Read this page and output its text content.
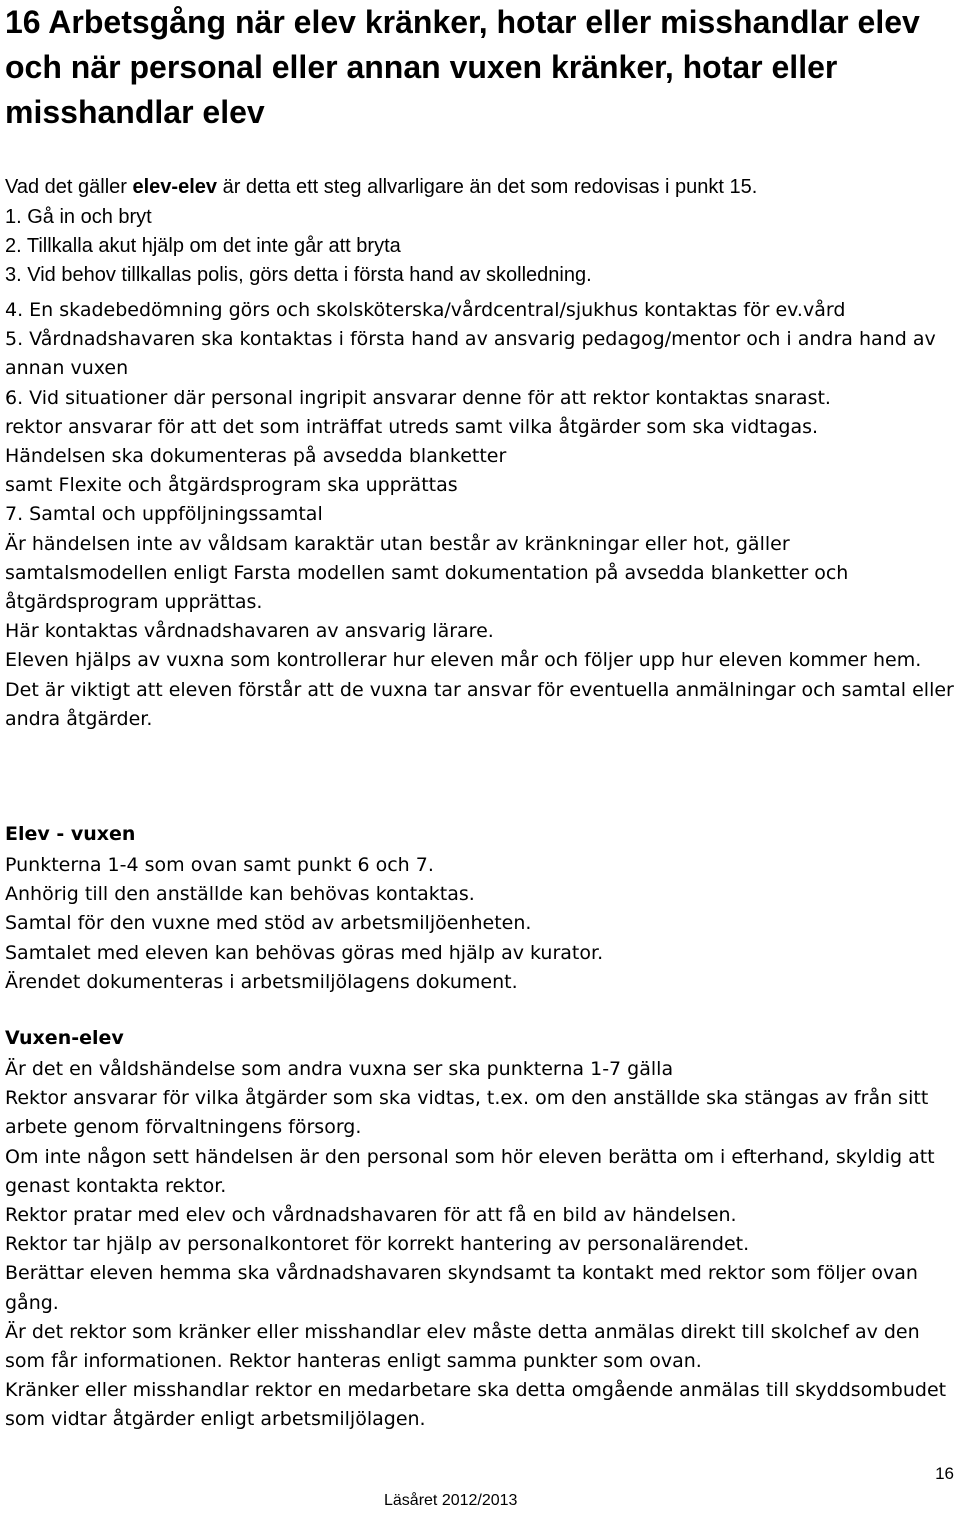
16 Arbetsgång när elev kränker, hotar eller misshandlar elev och när personal eller annan vuxen kränker, hotar eller misshandlar elev

Vad det gäller elev-elev är detta ett steg allvarligare än det som redovisas i punkt 15.

1. Gå in och bryt
2. Tillkalla akut hjälp om det inte går att bryta
3. Vid behov tillkallas polis, görs detta i första hand av skolledning.
4. En skadebedömning görs och skolsköterska/vårdcentral/sjukhus kontaktas för ev.vård
5. Vårdnadshavaren ska kontaktas i första hand av ansvarig pedagog/mentor och i andra hand av annan vuxen
6. Vid situationer där personal ingripit ansvarar denne för att rektor kontaktas snarast.
rektor ansvarar för att det som inträffat utreds samt vilka åtgärder som ska vidtagas.
Händelsen ska dokumenteras på avsedda blanketter
samt Flexite och åtgärdsprogram ska upprättas
7. Samtal och uppföljningssamtal
Är händelsen inte av våldsam karaktär utan består av kränkningar eller hot, gäller samtalsmodellen enligt Farsta modellen samt dokumentation på avsedda blanketter och åtgärdsprogram upprättas.
Här kontaktas vårdnadshavaren av ansvarig lärare.
Eleven hjälps av vuxna som kontrollerar hur eleven mår och följer upp hur eleven kommer hem.
Det är viktigt att eleven förstår att de vuxna tar ansvar för eventuella anmälningar och samtal eller andra åtgärder.
Elev - vuxen
Punkterna 1-4 som ovan samt punkt 6 och 7.
Anhörig till den anställde kan behövas kontaktas.
Samtal för den vuxne med stöd av arbetsmiljöenheten.
Samtalet med eleven kan behövas göras med hjälp av kurator.
Ärendet dokumenteras i arbetsmiljölagens dokument.
Vuxen-elev
Är det en våldshändelse som andra vuxna ser ska punkterna 1-7 gälla
Rektor ansvarar för vilka åtgärder som ska vidtas, t.ex. om den anställde ska stängas av från sitt arbete genom förvaltningens försorg.
Om inte någon sett händelsen är den personal som hör eleven berätta om i efterhand, skyldig att genast kontakta rektor.
Rektor pratar med elev och vårdnadshavaren för att få en bild av händelsen.
Rektor tar hjälp av personalkontoret för korrekt hantering av personalärendet.
Berättar eleven hemma ska vårdnadshavaren skyndsamt ta kontakt med rektor som följer ovan gång.
Är det rektor som kränker eller misshandlar elev måste detta anmälas direkt till skolchef av den som får informationen. Rektor hanteras enligt samma punkter som ovan.
Kränker eller misshandlar rektor en medarbetare ska detta omgående anmälas till skyddsombudet som vidtar åtgärder enligt arbetsmiljölagen.
16
Läsåret 2012/2013
